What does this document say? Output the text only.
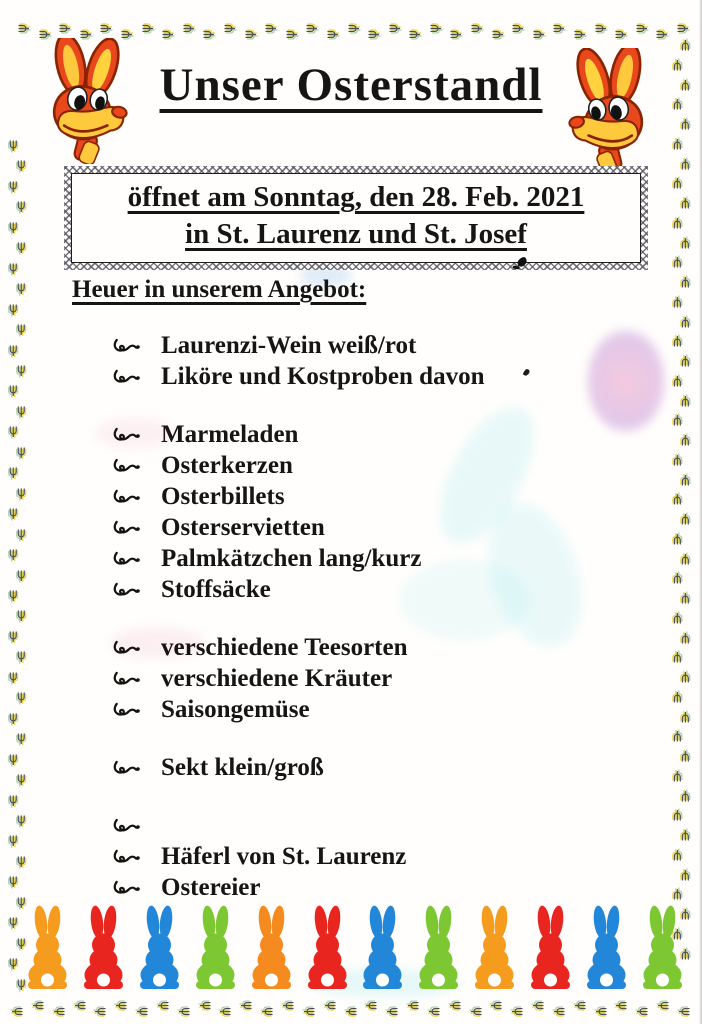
ψ
ψ
ψ
ψ
ψ
ψ
ψ
ψ
ψ
ψ
ψ
ψ
ψ
ψ
ψ
ψ
ψ
ψ
ψ
ψ
ψ
ψ
ψ
ψ
ψ
ψ
ψ
ψ
ψ
ψ
ψ
ψ
ψ
ψ
ψ
ψ
ψ
ψ
ψ
ψ
ψ
ψ
ψ
ψ
ψ
ψ
ψ
ψ
ψ
ψ
ψ
ψ
ψ
ψ
ψ
ψ
ψ
ψ
ψ
ψ
ψ
ψ
ψ
ψ
ψ
ψ
ψ
ψ
ψ
ψ
ψ
ψ
ψ
ψ
ψ
ψ
ψ
ψ
ψ
ψ
ψ
ψ
ψ
ψ
ψ
ψ
ψ
ψ
ψ
ψ
ψ
ψ
ψ
ψ
ψ
ψ
ψ
ψ
ψ
ψ
ψ
ψ
ψ
ψ
ψ
ψ
ψ
ψ
ψ
ψ
ψ
ψ
ψ
ψ
ψ
ψ
ψ
ψ
ψ
ψ
ψ
ψ
ψ
ψ
ψ
ψ
ψ
ψ
ψ
ψ
ψ
ψ
ψ
ψ
ψ
ψ
ψ
ψ
ψ
ψ
ψ
ψ
ψ
ψ
ψ
ψ
ψ
ψ
ψ
ψ
ψ
ψ
ψ
ψ
ψ
Unser Osterstandl
öffnet am Sonntag, den 28. Feb. 2021
in St. Laurenz und St. Josef
Heuer in unserem Angebot:
Laurenzi-Wein weiß/rot
Liköre und Kostproben davon
Marmeladen
Osterkerzen
Osterbillets
Osterservietten
Palmkätzchen lang/kurz
Stoffsäcke
verschiedene Teesorten
verschiedene Kräuter
Saisongemüse
Sekt klein/groß
Häferl von St. Laurenz
Ostereier
